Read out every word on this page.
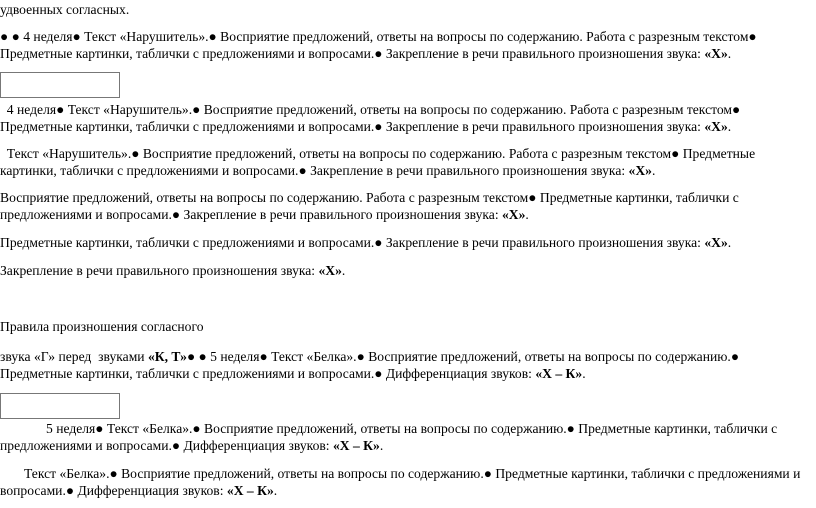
удвоенных согласных.
● ● 4 неделя● Текст «Нарушитель».● Восприятие предложений, ответы на вопросы по содержанию. Работа с разрезным текстом● Предметные картинки, таблички с предложениями и вопросами.● Закрепление в речи правильного произношения звука: «Х».
4 неделя● Текст «Нарушитель».● Восприятие предложений, ответы на вопросы по содержанию. Работа с разрезным текстом● Предметные картинки, таблички с предложениями и вопросами.● Закрепление в речи правильного произношения звука: «Х».
Текст «Нарушитель».● Восприятие предложений, ответы на вопросы по содержанию. Работа с разрезным текстом● Предметные картинки, таблички с предложениями и вопросами.● Закрепление в речи правильного произношения звука: «Х».
Восприятие предложений, ответы на вопросы по содержанию. Работа с разрезным текстом● Предметные картинки, таблички с предложениями и вопросами.● Закрепление в речи правильного произношения звука: «Х».
Предметные картинки, таблички с предложениями и вопросами.● Закрепление в речи правильного произношения звука: «Х».
Закрепление в речи правильного произношения звука: «Х».
Правила произношения согласного
звука «Г» перед  звуками «К, Т»● ● 5 неделя● Текст «Белка».● Восприятие предложений, ответы на вопросы по содержанию.● Предметные картинки, таблички с предложениями и вопросами.● Дифференциация звуков: «Х – К».
5 неделя● Текст «Белка».● Восприятие предложений, ответы на вопросы по содержанию.● Предметные картинки, таблички с предложениями и вопросами.● Дифференциация звуков: «Х – К».
Текст «Белка».● Восприятие предложений, ответы на вопросы по содержанию.● Предметные картинки, таблички с предложениями и вопросами.● Дифференциация звуков: «Х – К».
